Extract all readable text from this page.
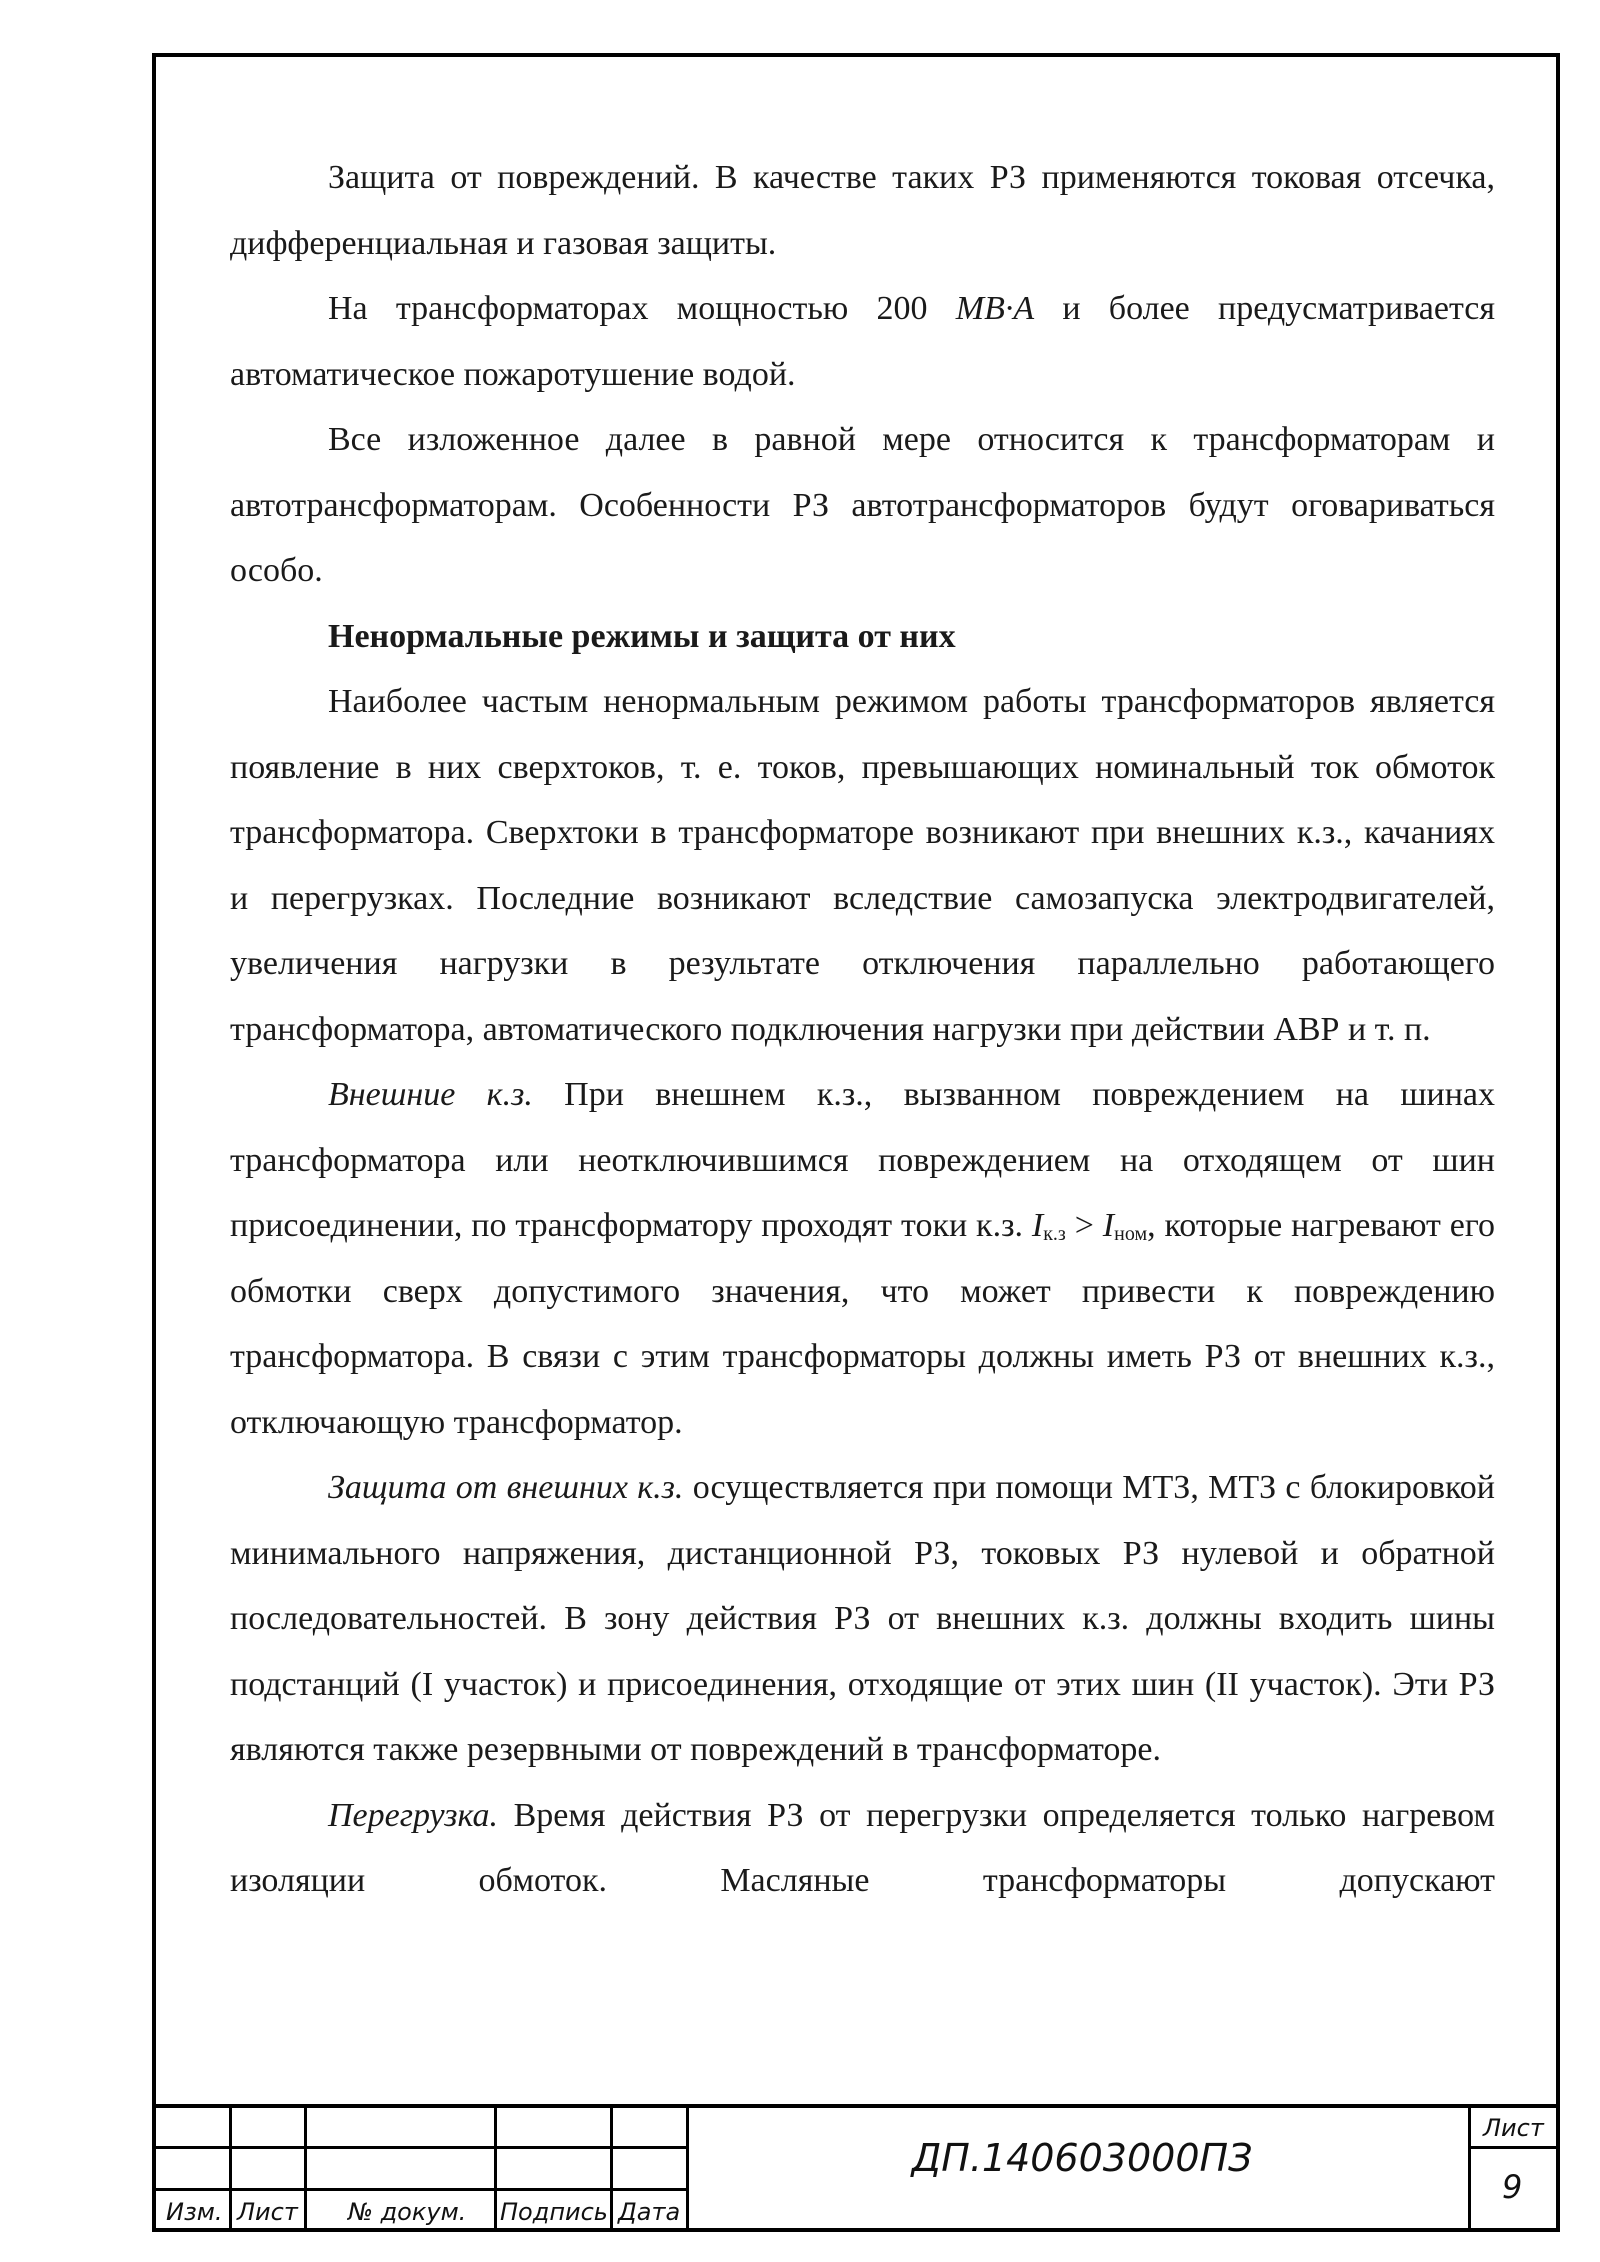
Защита от повреждений. В качестве таких РЗ применяются токовая отсечка, дифференциальная и газовая защиты.

На трансформаторах мощностью 200 МВ·А и более предусматривается автоматическое пожаротушение водой.

Все изложенное далее в равной мере относится к трансформаторам и автотрансформаторам. Особенности РЗ автотрансформаторов будут оговариваться особо.

Ненормальные режимы и защита от них

Наиболее частым ненормальным режимом работы трансформаторов является появление в них сверхтоков, т. е. токов, превышающих номинальный ток обмоток трансформатора. Сверхтоки в трансформаторе возникают при внешних к.з., качаниях и перегрузках. Последние возникают вследствие самозапуска электродвигателей, увеличения нагрузки в результате отключения параллельно работающего трансформатора, автоматического подключения нагрузки при действии АВР и т. п.

Внешние к.з. При внешнем к.з., вызванном повреждением на шинах трансформатора или неотключившимся повреждением на отходящем от шин присоединении, по трансформатору проходят токи к.з. $I_{к.з} > I_{ном}$, которые нагревают его обмотки сверх допустимого значения, что может привести к повреждению трансформатора. В связи с этим трансформаторы должны иметь РЗ от внешних к.з., отключающую трансформатор.

Защита от внешних к.з. осуществляется при помощи МТЗ, МТЗ с блокировкой минимального напряжения, дистанционной РЗ, токовых РЗ нулевой и обратной последовательностей. В зону действия РЗ от внешних к.з. должны входить шины подстанций (I участок) и присоединения, отходящие от этих шин (II участок). Эти РЗ являются также резервными от повреждений в трансформаторе.

Перегрузка. Время действия РЗ от перегрузки определяется только нагревом изоляции обмоток. Масляные трансформаторы допускают

Изм. Лист № докум. Подпись Дата
ДП.140603000ПЗ
Лист
9
